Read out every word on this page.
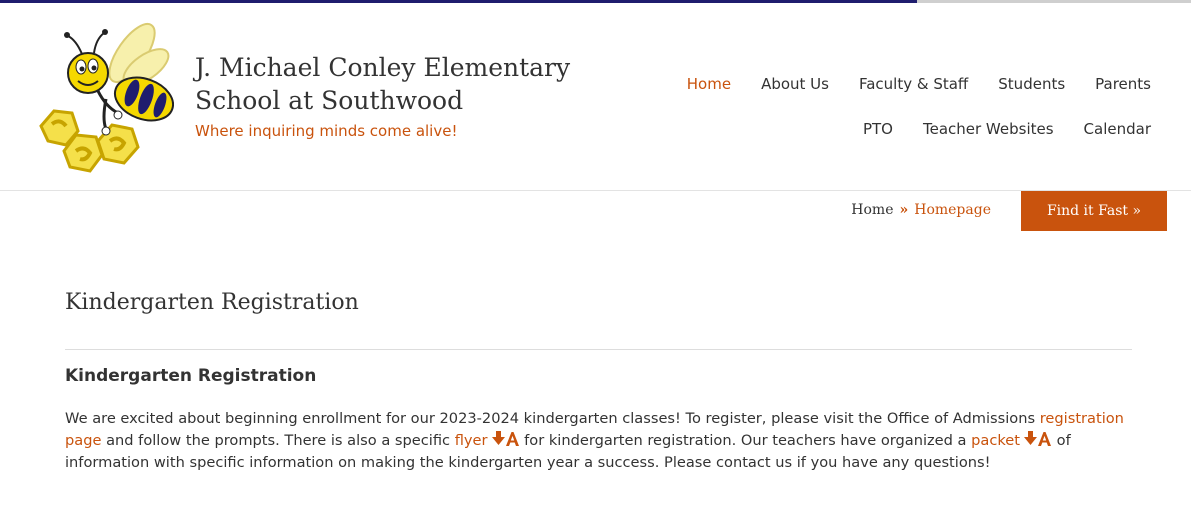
J. Michael Conley Elementary
School at Southwood
Where inquiring minds come alive!
Home About Us Faculty & Staff Students Parents
PTO Teacher Websites Calendar
Home » Homepage	Find it Fast »
Kindergarten Registration
Kindergarten Registration

We are excited about beginning enrollment for our 2023-2024 kindergarten classes! To register, please visit the Office of Admissions registration page and follow the prompts. There is also a specific flyer for kindergarten registration. Our teachers have organized a packet of information with specific information on making the kindergarten year a success. Please contact us if you have any questions!
